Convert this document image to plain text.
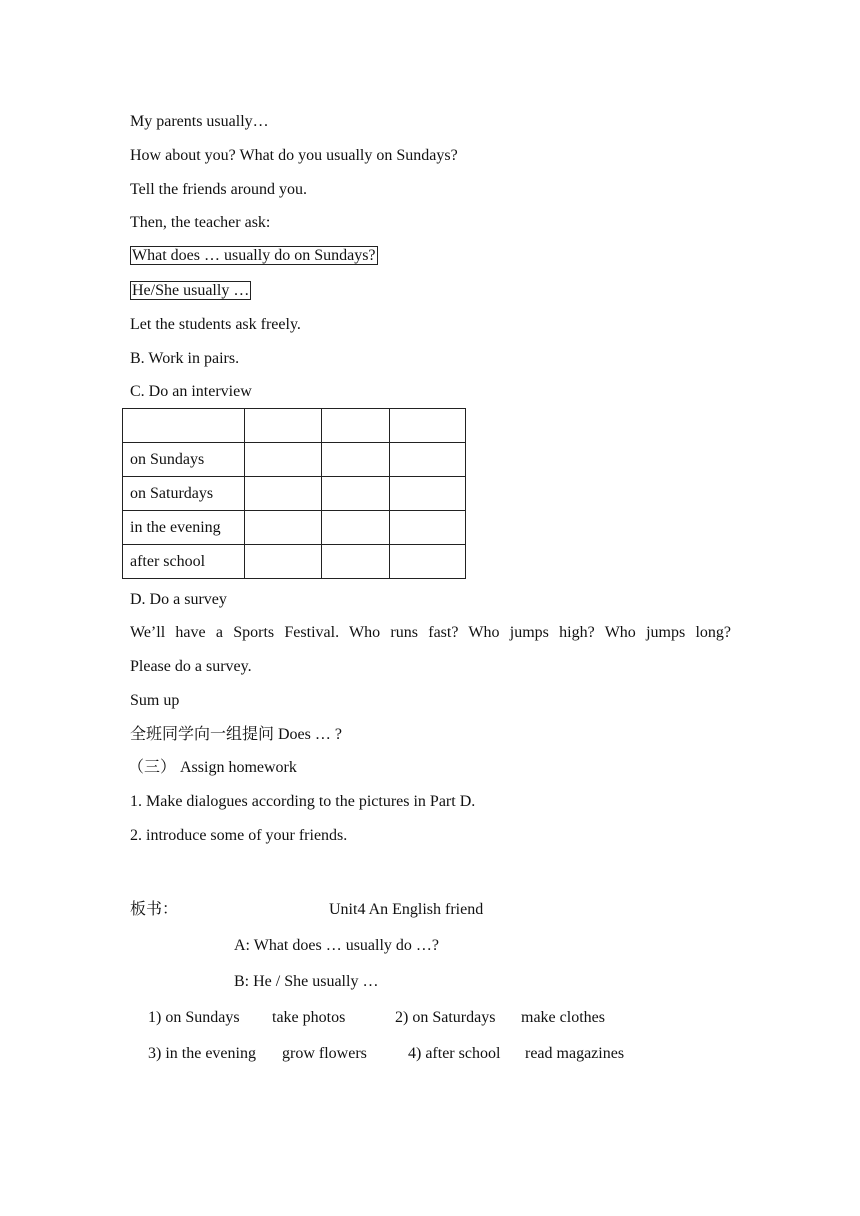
My parents usually…
How about you? What do you usually on Sundays?
Tell the friends around you.
Then, the teacher ask:
What does … usually do on Sundays?
He/She usually …
Let the students ask freely.
B. Work in pairs.
C. Do an interview

on Sundays			
on Saturdays			
in the evening			
after school			
D. Do a survey
We’ll have a Sports Festival. Who runs fast? Who jumps high? Who jumps long?
Please do a survey.
Sum up
全班同学向一组提问 Does … ?
（三） Assign homework
1. Make dialogues according to the pictures in Part D.
2. introduce some of your friends.
板书：	Unit4 An English friend
A: What does … usually do …?
B: He / She usually …
1) on Sundays take photos	2) on Saturdays make clothes
3) in the evening grow flowers	4) after school read magazines
